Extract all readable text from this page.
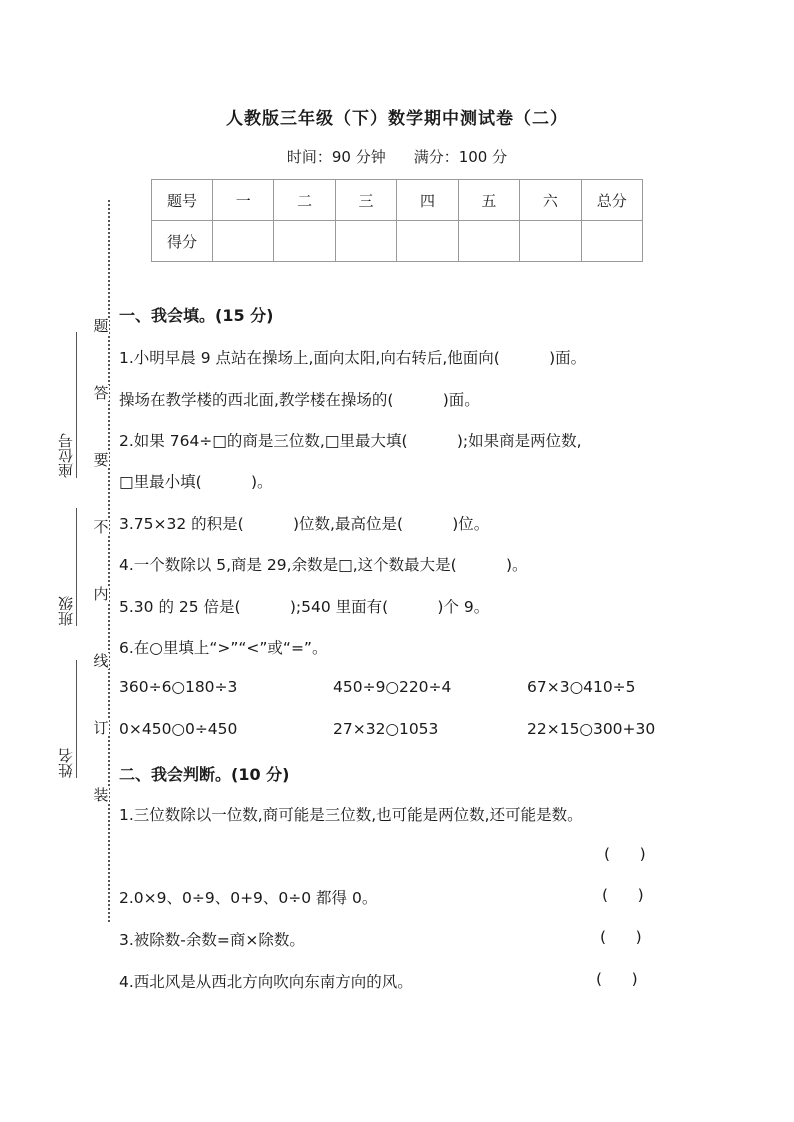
人教版三年级（下）数学期中测试卷（二）
时间：90 分钟 满分：100 分
题号	一	二	三	四	五	六	总分
得分							
题
答
要
不
内
线
订
装
座位号
班级
姓名
一、我会填。(15 分)
1.小明早晨 9 点站在操场上,面向太阳,向右转后,他面向(          )面。
操场在教学楼的西北面,教学楼在操场的(          )面。
2.如果 764÷□的商是三位数,□里最大填(          );如果商是两位数,
□里最小填(          )。
3.75×32 的积是(          )位数,最高位是(          )位。
4.一个数除以 5,商是 29,余数是□,这个数最大是(          )。
5.30 的 25 倍是(          );540 里面有(          )个 9。
6.在○里填上“>”“<”或“=”。
360÷6○180÷3	450÷9○220÷4	67×3○410÷5
0×450○0÷450	27×32○1053	22×15○300+30
二、我会判断。(10 分)
1.三位数除以一位数,商可能是三位数,也可能是两位数,还可能是数。
(      )
2.0×9、0÷9、0+9、0÷0 都得 0。	(      )
3.被除数-余数=商×除数。	(      )
4.西北风是从西北方向吹向东南方向的风。	(      )
